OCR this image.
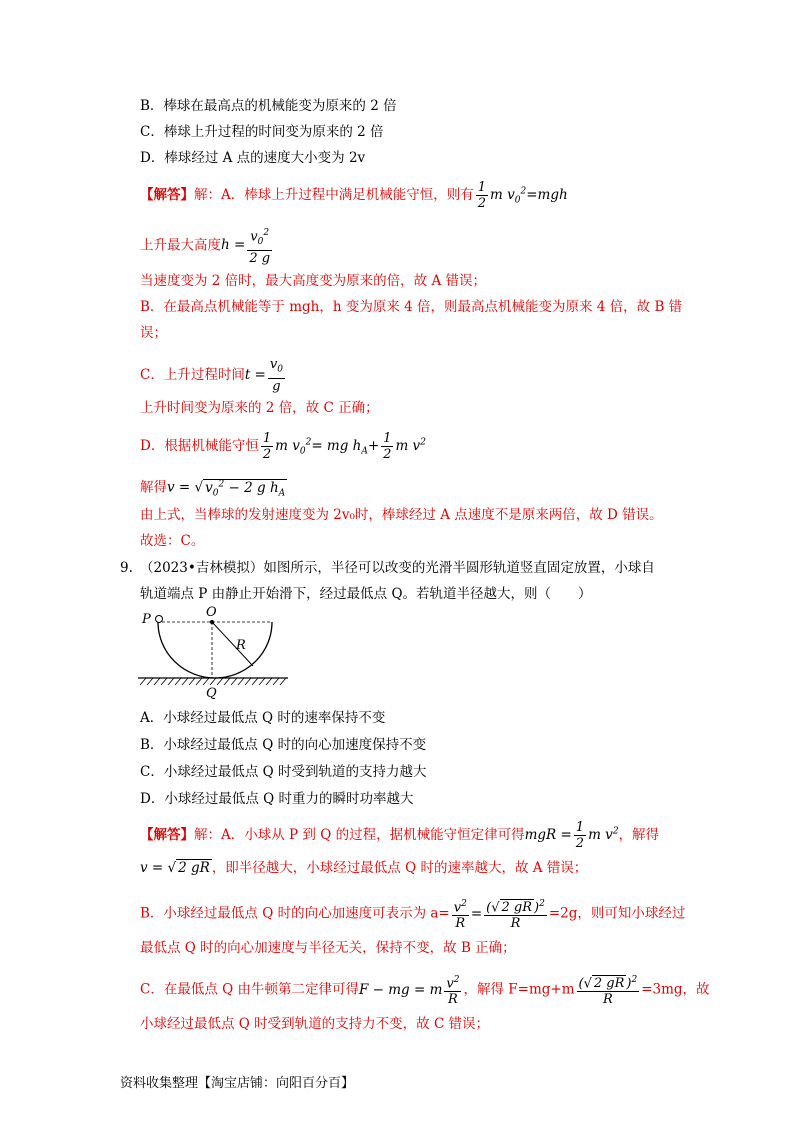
B．棒球在最高点的机械能变为原来的 2 倍
C．棒球上升过程的时间变为原来的 2 倍
D．棒球经过 A 点的速度大小变为 2v
【解答】解：A．棒球上升过程中满足机械能守恒，则有 $\frac{1}{2}$ m $v_0^2=mgh$
上升最大高度$h = \frac{v_0^2}{2 g}$
当速度变为 2 倍时，最大高度变为原来的倍，故 A 错误；
B．在最高点机械能等于 mgh，h 变为原来 4 倍，则最高点机械能变为原来 4 倍，故 B 错
误；
C．上升过程时间$t = \frac{v_0}{g}$
上升时间变为原来的 2 倍，故 C 正确；
D．根据机械能守恒 $\frac{1}{2}$ m $v_0^2=$ mg $h_A+ \frac{1}{2}$ m $v^2$
解得v = √ $v_0^2 - 2$ g $h_A$
由上式，当棒球的发射速度变为 2v₀时，棒球经过 A 点速度不是原来两倍，故 D 错误。
故选：C。
9. （2023•吉林模拟）如图所示，半径可以改变的光滑半圆形轨道竖直固定放置，小球自
轨道端点 P 由静止开始滑下，经过最低点 Q。若轨道半径越大，则（　　）
P	O
R
Q
A．小球经过最低点 Q 时的速率保持不变
B．小球经过最低点 Q 时的向心加速度保持不变
C．小球经过最低点 Q 时受到轨道的支持力越大
D．小球经过最低点 Q 时重力的瞬时功率越大
【解答】解：A．小球从 P 到 Q 的过程，据机械能守恒定律可得mgR = $\frac{1}{2}$ m $v^2$，解得
v = √ 2 gR ，即半径越大，小球经过最低点 Q 时的速率越大，故 A 错误；
B．小球经过最低点 Q 时的向心加速度可表示为 $a= \frac{v^2}{R} = \frac{(√ 2 gR )^2}{R} =2g$，则可知小球经过
最低点 Q 时的向心加速度与半径无关，保持不变，故 B 正确；
C．在最低点 Q 由牛顿第二定律可得F − mg = m $\frac{v^2}{R}$ ，解得 $F=mg+m \frac{(√ 2 gR )^2}{R} =3mg$，故
小球经过最低点 Q 时受到轨道的支持力不变，故 C 错误；
资料收集整理【淘宝店铺：向阳百分百】
